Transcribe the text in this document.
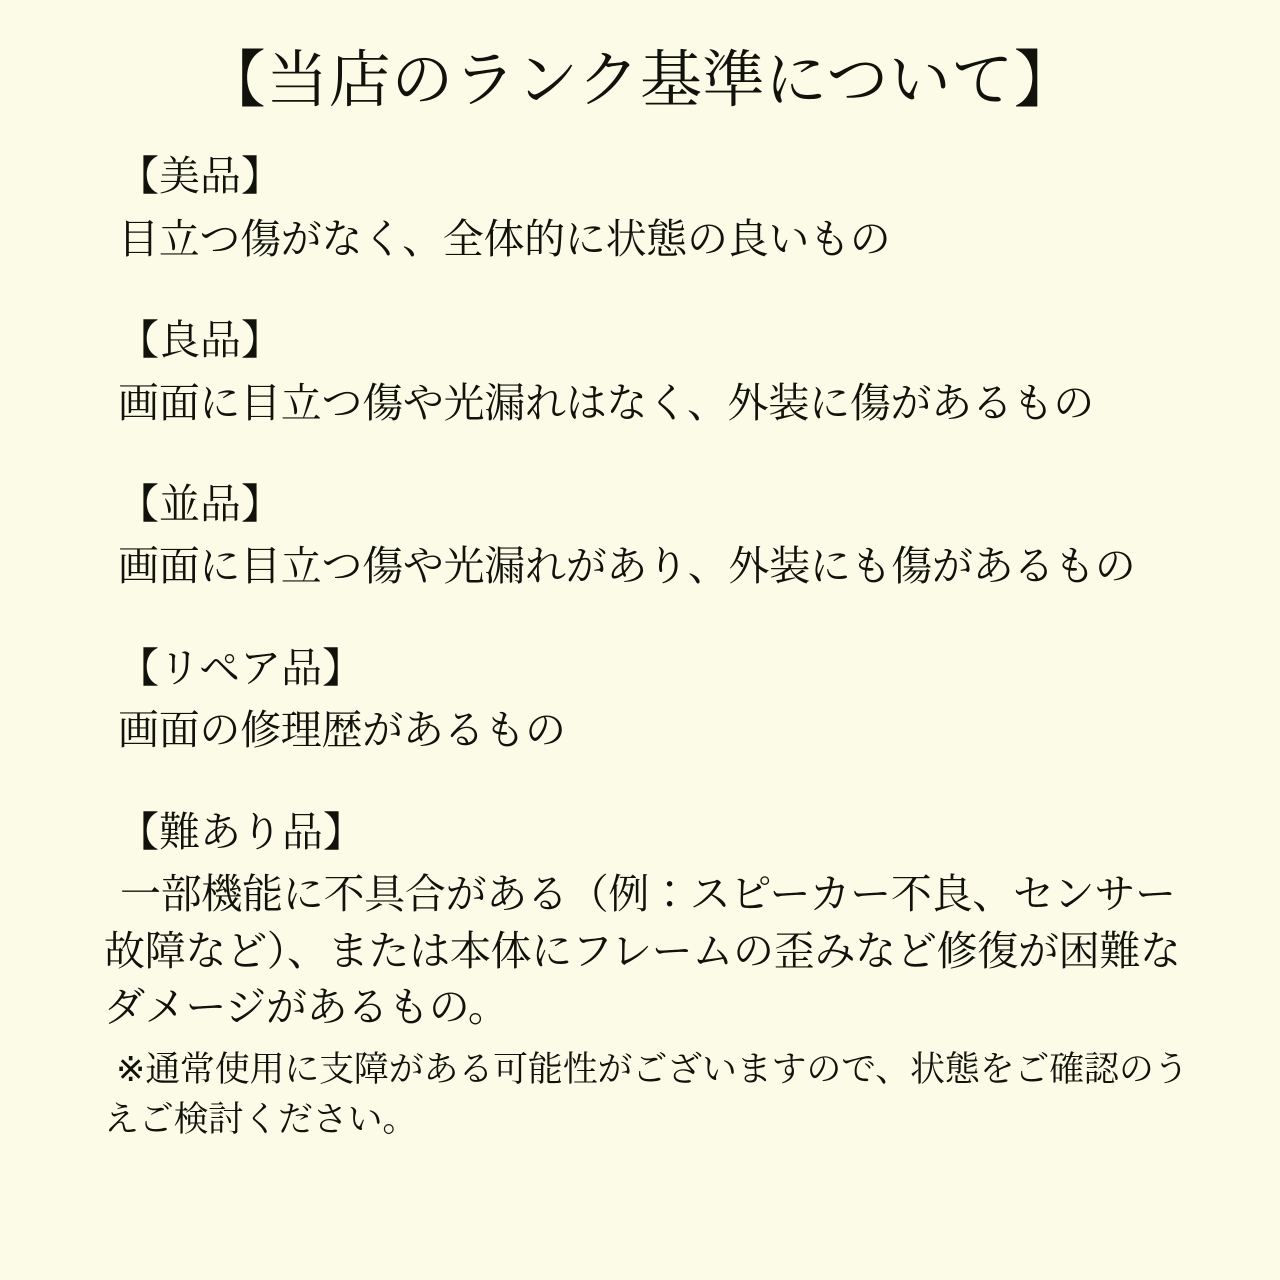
【当店のランク基準について】

【美品】

目立つ傷がなく、全体的に状態の良いもの

【良品】

画面に目立つ傷や光漏れはなく、外装に傷があるもの

【並品】

画面に目立つ傷や光漏れがあり、外装にも傷があるもの

【リペア品】

画面の修理歴があるもの

【難あり品】

一部機能に不具合がある（例：スピーカー不良、センサー故障など）、または本体にフレームの歪みなど修復が困難なダメージがあるもの。

※通常使用に支障がある可能性がございますので、状態をご確認のうえご検討ください。
